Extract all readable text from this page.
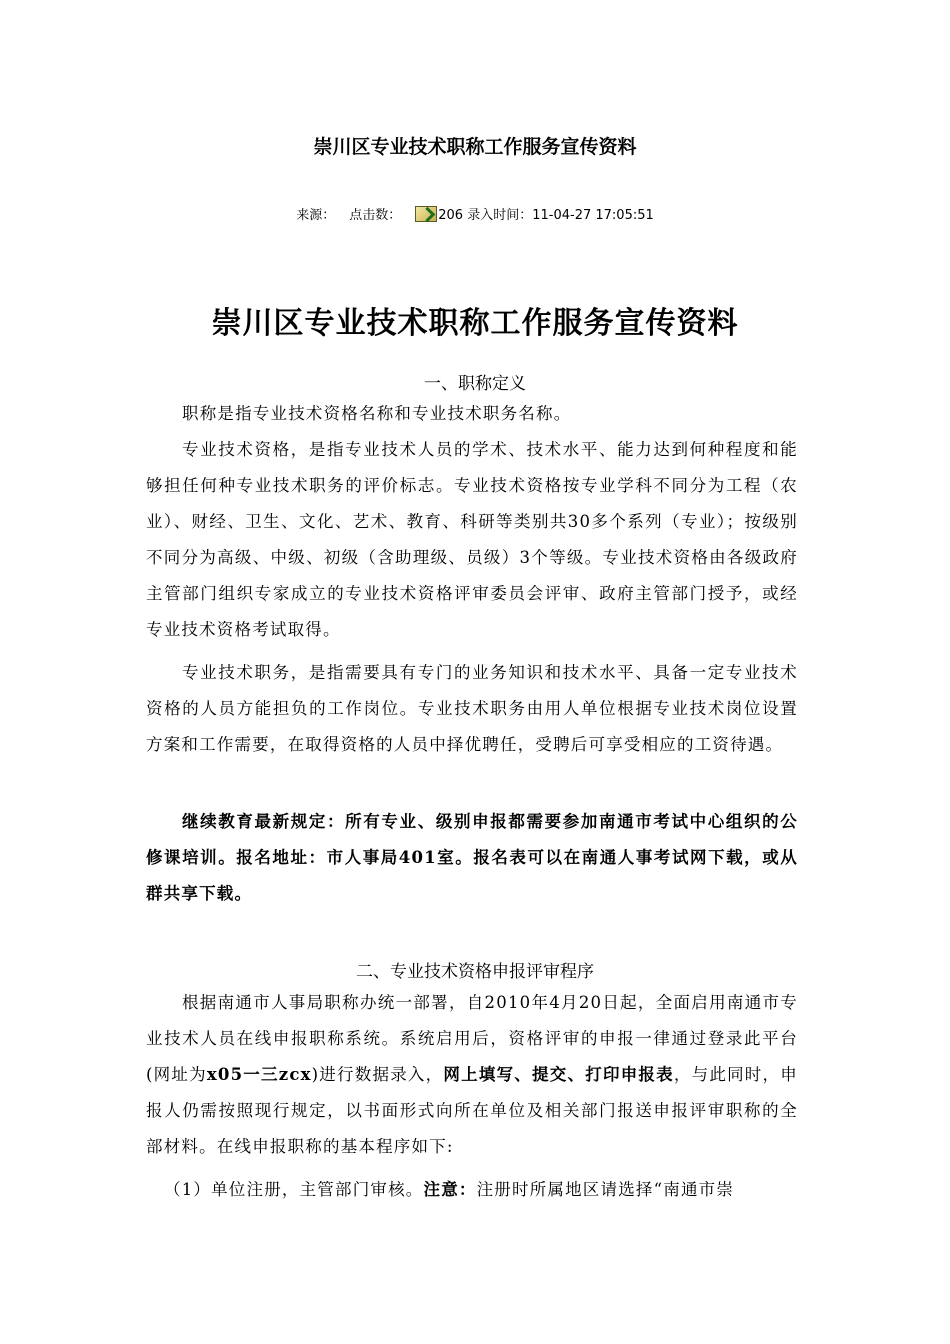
崇川区专业技术职称工作服务宣传资料
来源： 点击数：	206 录入时间：11-04-27 17:05:51
崇川区专业技术职称工作服务宣传资料
一、职称定义

职称是指专业技术资格名称和专业技术职务名称。

专业技术资格，是指专业技术人员的学术、技术水平、能力达到何种程度和能够担任何种专业技术职务的评价标志。专业技术资格按专业学科不同分为工程（农业）、财经、卫生、文化、艺术、教育、科研等类别共30多个系列（专业）；按级别不同分为高级、中级、初级（含助理级、员级）3个等级。专业技术资格由各级政府主管部门组织专家成立的专业技术资格评审委员会评审、政府主管部门授予，或经专业技术资格考试取得。

专业技术职务，是指需要具有专门的业务知识和技术水平、具备一定专业技术资格的人员方能担负的工作岗位。专业技术职务由用人单位根据专业技术岗位设置方案和工作需要，在取得资格的人员中择优聘任，受聘后可享受相应的工资待遇。

继续教育最新规定：所有专业、级别申报都需要参加南通市考试中心组织的公修课培训。报名地址：市人事局401室。报名表可以在南通人事考试网下载，或从群共享下载。

二、专业技术资格申报评审程序

根据南通市人事局职称办统一部署，自2010年4月20日起，全面启用南通市专业技术人员在线申报职称系统。系统启用后，资格评审的申报一律通过登录此平台(网址为x05一三zcx)进行数据录入，网上填写、提交、打印申报表，与此同时，申报人仍需按照现行规定，以书面形式向所在单位及相关部门报送申报评审职称的全部材料。在线申报职称的基本程序如下:

（1）单位注册，主管部门审核。注意：注册时所属地区请选择“南通市崇
